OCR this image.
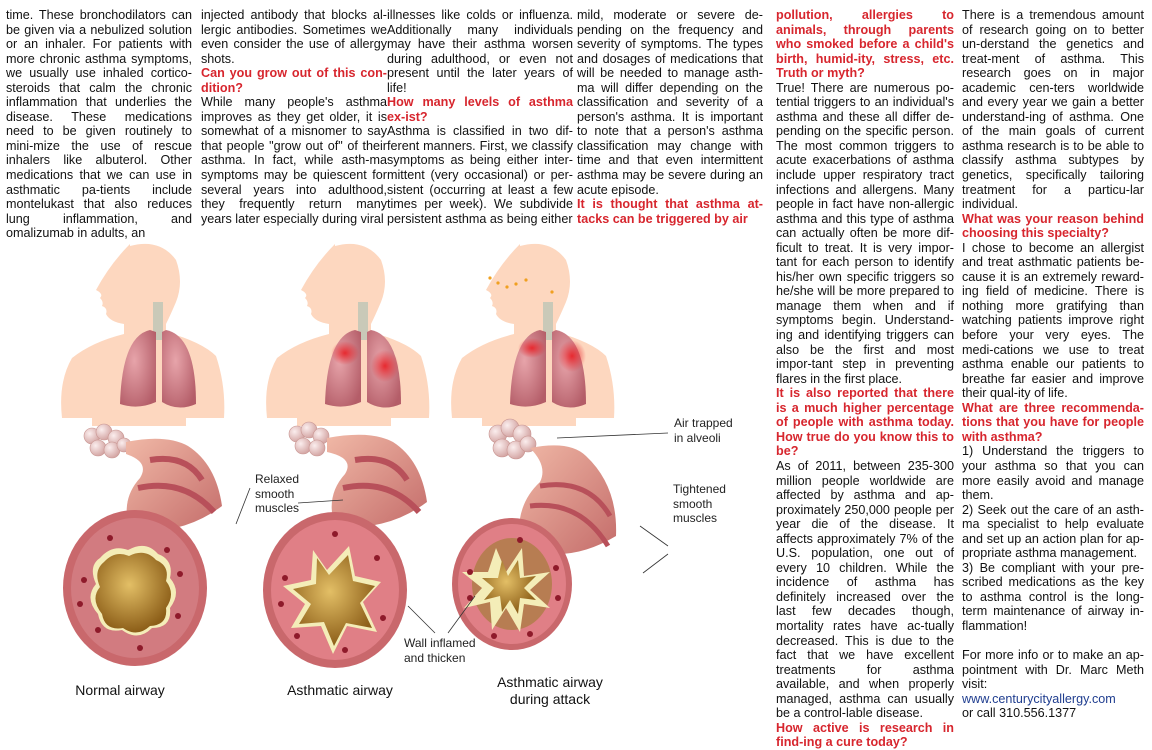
time. These bronchodilators can be given via a nebulized solution or an inhaler. For patients with more chronic asthma symptoms, we usually use inhaled cortico-steroids that calm the chronic inflammation that underlies the disease. These medications need to be given routinely to mini-mize the use of rescue inhalers like albuterol. Other medications that we can use in asthmatic pa-tients include montelukast that also reduces lung inflammation, and omalizumab in adults, an

injected antibody that blocks al-lergic antibodies. Sometimes we even consider the use of allergy shots.

Can you grow out of this con-dition?

While many people's asthma improves as they get older, it is somewhat of a misnomer to say that people "grow out of" of their asthma. In fact, while asth-ma symptoms may be quiescent for several years into adulthood, they frequently return many years later especially during viral

illnesses like colds or influenza. Additionally many individuals may have their asthma worsen during adulthood, or even not present until the later years of life!

How many levels of asthma ex-ist?

Asthma is classified in two dif-ferent manners. First, we classify symptoms as being either inter-mittent (very occasional) or per-sistent (occurring at least a few times per week). We subdivide persistent asthma as being either

mild, moderate or severe de-pending on the frequency and severity of symptoms. The types and dosages of medications that will be needed to manage asth-ma will differ depending on the classification and severity of a person's asthma. It is important to note that a person's asthma classification may change with time and that even intermittent asthma may be severe during an acute episode.

It is thought that asthma at-tacks can be triggered by air

pollution, allergies to animals, through parents who smoked before a child's birth, humid-ity, stress, etc. Truth or myth?

True! There are numerous po-tential triggers to an individual's asthma and these all differ de-pending on the specific person. The most common triggers to acute exacerbations of asthma include upper respiratory tract infections and allergens. Many people in fact have non-allergic asthma and this type of asthma can actually often be more dif-ficult to treat. It is very impor-tant for each person to identify his/her own specific triggers so he/she will be more prepared to manage them when and if symptoms begin. Understand-ing and identifying triggers can also be the first and most impor-tant step in preventing flares in the first place.

It is also reported that there is a much higher percentage of people with asthma today. How true do you know this to be?

As of 2011, between 235-300 million people worldwide are affected by asthma and ap-proximately 250,000 people per year die of the disease. It affects approximately 7% of the U.S. population, one out of every 10 children. While the incidence of asthma has definitely increased over the last few decades though, mortality rates have ac-tually decreased. This is due to the fact that we have excellent treatments for asthma available, and when properly managed, asthma can usually be a control-lable disease.

How active is research in find-ing a cure today?

There is a tremendous amount of research going on to better un-derstand the genetics and treat-ment of asthma. This research goes on in major academic cen-ters worldwide and every year we gain a better understand-ing of asthma. One of the main goals of current asthma research is to be able to classify asthma subtypes by genetics, specifically tailoring treatment for a particu-lar individual.

What was your reason behind choosing this specialty?

I chose to become an allergist and treat asthmatic patients be-cause it is an extremely reward-ing field of medicine. There is nothing more gratifying than watching patients improve right before your very eyes. The medi-cations we use to treat asthma enable our patients to breathe far easier and improve their qual-ity of life.

What are three recommenda-tions that you have for people with asthma?

1) Understand the triggers to your asthma so that you can more easily avoid and manage them.

2) Seek out the care of an asth-ma specialist to help evaluate and set up an action plan for ap-propriate asthma management.

3) Be compliant with your pre-scribed medications as the key to asthma control is the long-term maintenance of airway in-flammation!

For more info or to make an ap-pointment with Dr. Marc Meth visit:

www.centurycityallergy.com

or call 310.556.1377

Relaxed
smooth
muscles
Air trapped
in alveoli
Tightened
smooth
muscles
Wall inflamed
and thicken
Normal airway	Asthmatic airway	Asthmatic airway
during attack
